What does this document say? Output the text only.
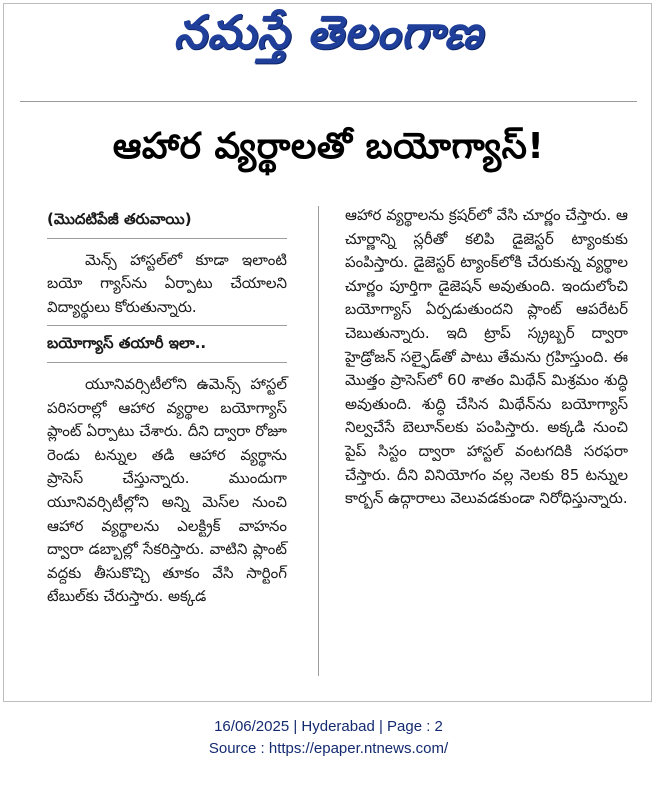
నమస్తే తెలంగాణ
ఆహార వ్యర్థాలతో బయోగ్యాస్!
(మొదటిపేజీ తరువాయి)

మెన్స్ హాస్టల్‌లో కూడా ఇలాంటి బయో గ్యాస్‌ను ఏర్పాటు చేయాలని విద్యార్థులు కోరుతున్నారు.

బయోగ్యాస్ తయారీ ఇలా..

యూనివర్సిటీలోని ఉమెన్స్ హాస్టల్ పరిసరాల్లో ఆహార వ్యర్థాల బయోగ్యాస్ ప్లాంట్ ఏర్పాటు చేశారు. దీని ద్వారా రోజూ రెండు టన్నుల తడి ఆహార వ్యర్థాను ప్రాసెస్ చేస్తున్నారు. ముందుగా యూనివర్సిటీల్లోని అన్ని మెస్‌ల నుంచి ఆహార వ్యర్థాలను ఎలక్ట్రిక్ వాహనం ద్వారా డబ్బాల్లో సేకరిస్తారు. వాటిని ప్లాంట్ వద్దకు తీసుకొచ్చి తూకం వేసి సార్టింగ్ టేబుల్‌కు చేరుస్తారు. అక్కడ

ఆహార వ్యర్థాలను క్రషర్‌లో వేసి చూర్ణం చేస్తారు. ఆ చూర్ణాన్ని స్లరీతో కలిపి డైజెస్టర్ ట్యాంకుకు పంపిస్తారు. డైజెస్టర్ ట్యాంక్‌లోకి చేరుకున్న వ్యర్థాల చూర్ణం పూర్తిగా డైజెషన్ అవుతుంది. ఇందులోంచి బయోగ్యాస్ ఏర్పడుతుందని ప్లాంట్ ఆపరేటర్ చెబుతున్నారు. ఇది ట్రాప్ స్క్రబ్బర్ ద్వారా హైడ్రోజన్ సల్ఫైడ్‌తో పాటు తేమను గ్రహిస్తుంది. ఈ మొత్తం ప్రాసెస్‌లో 60 శాతం మిథేన్ మిశ్రమం శుద్ధి అవుతుంది. శుద్ధి చేసిన మిథేన్‌ను బయోగ్యాస్ నిల్వచేసే బెలూన్‌లకు పంపిస్తారు. అక్కడి నుంచి పైప్ సిస్టం ద్వారా హాస్టల్ వంటగదికి సరఫరా చేస్తారు. దీని వినియోగం వల్ల నెలకు 85 టన్నుల కార్బన్ ఉద్గారాలు వెలువడకుండా నిరోధిస్తున్నారు.

16/06/2025 | Hyderabad | Page : 2
Source : https://epaper.ntnews.com/
